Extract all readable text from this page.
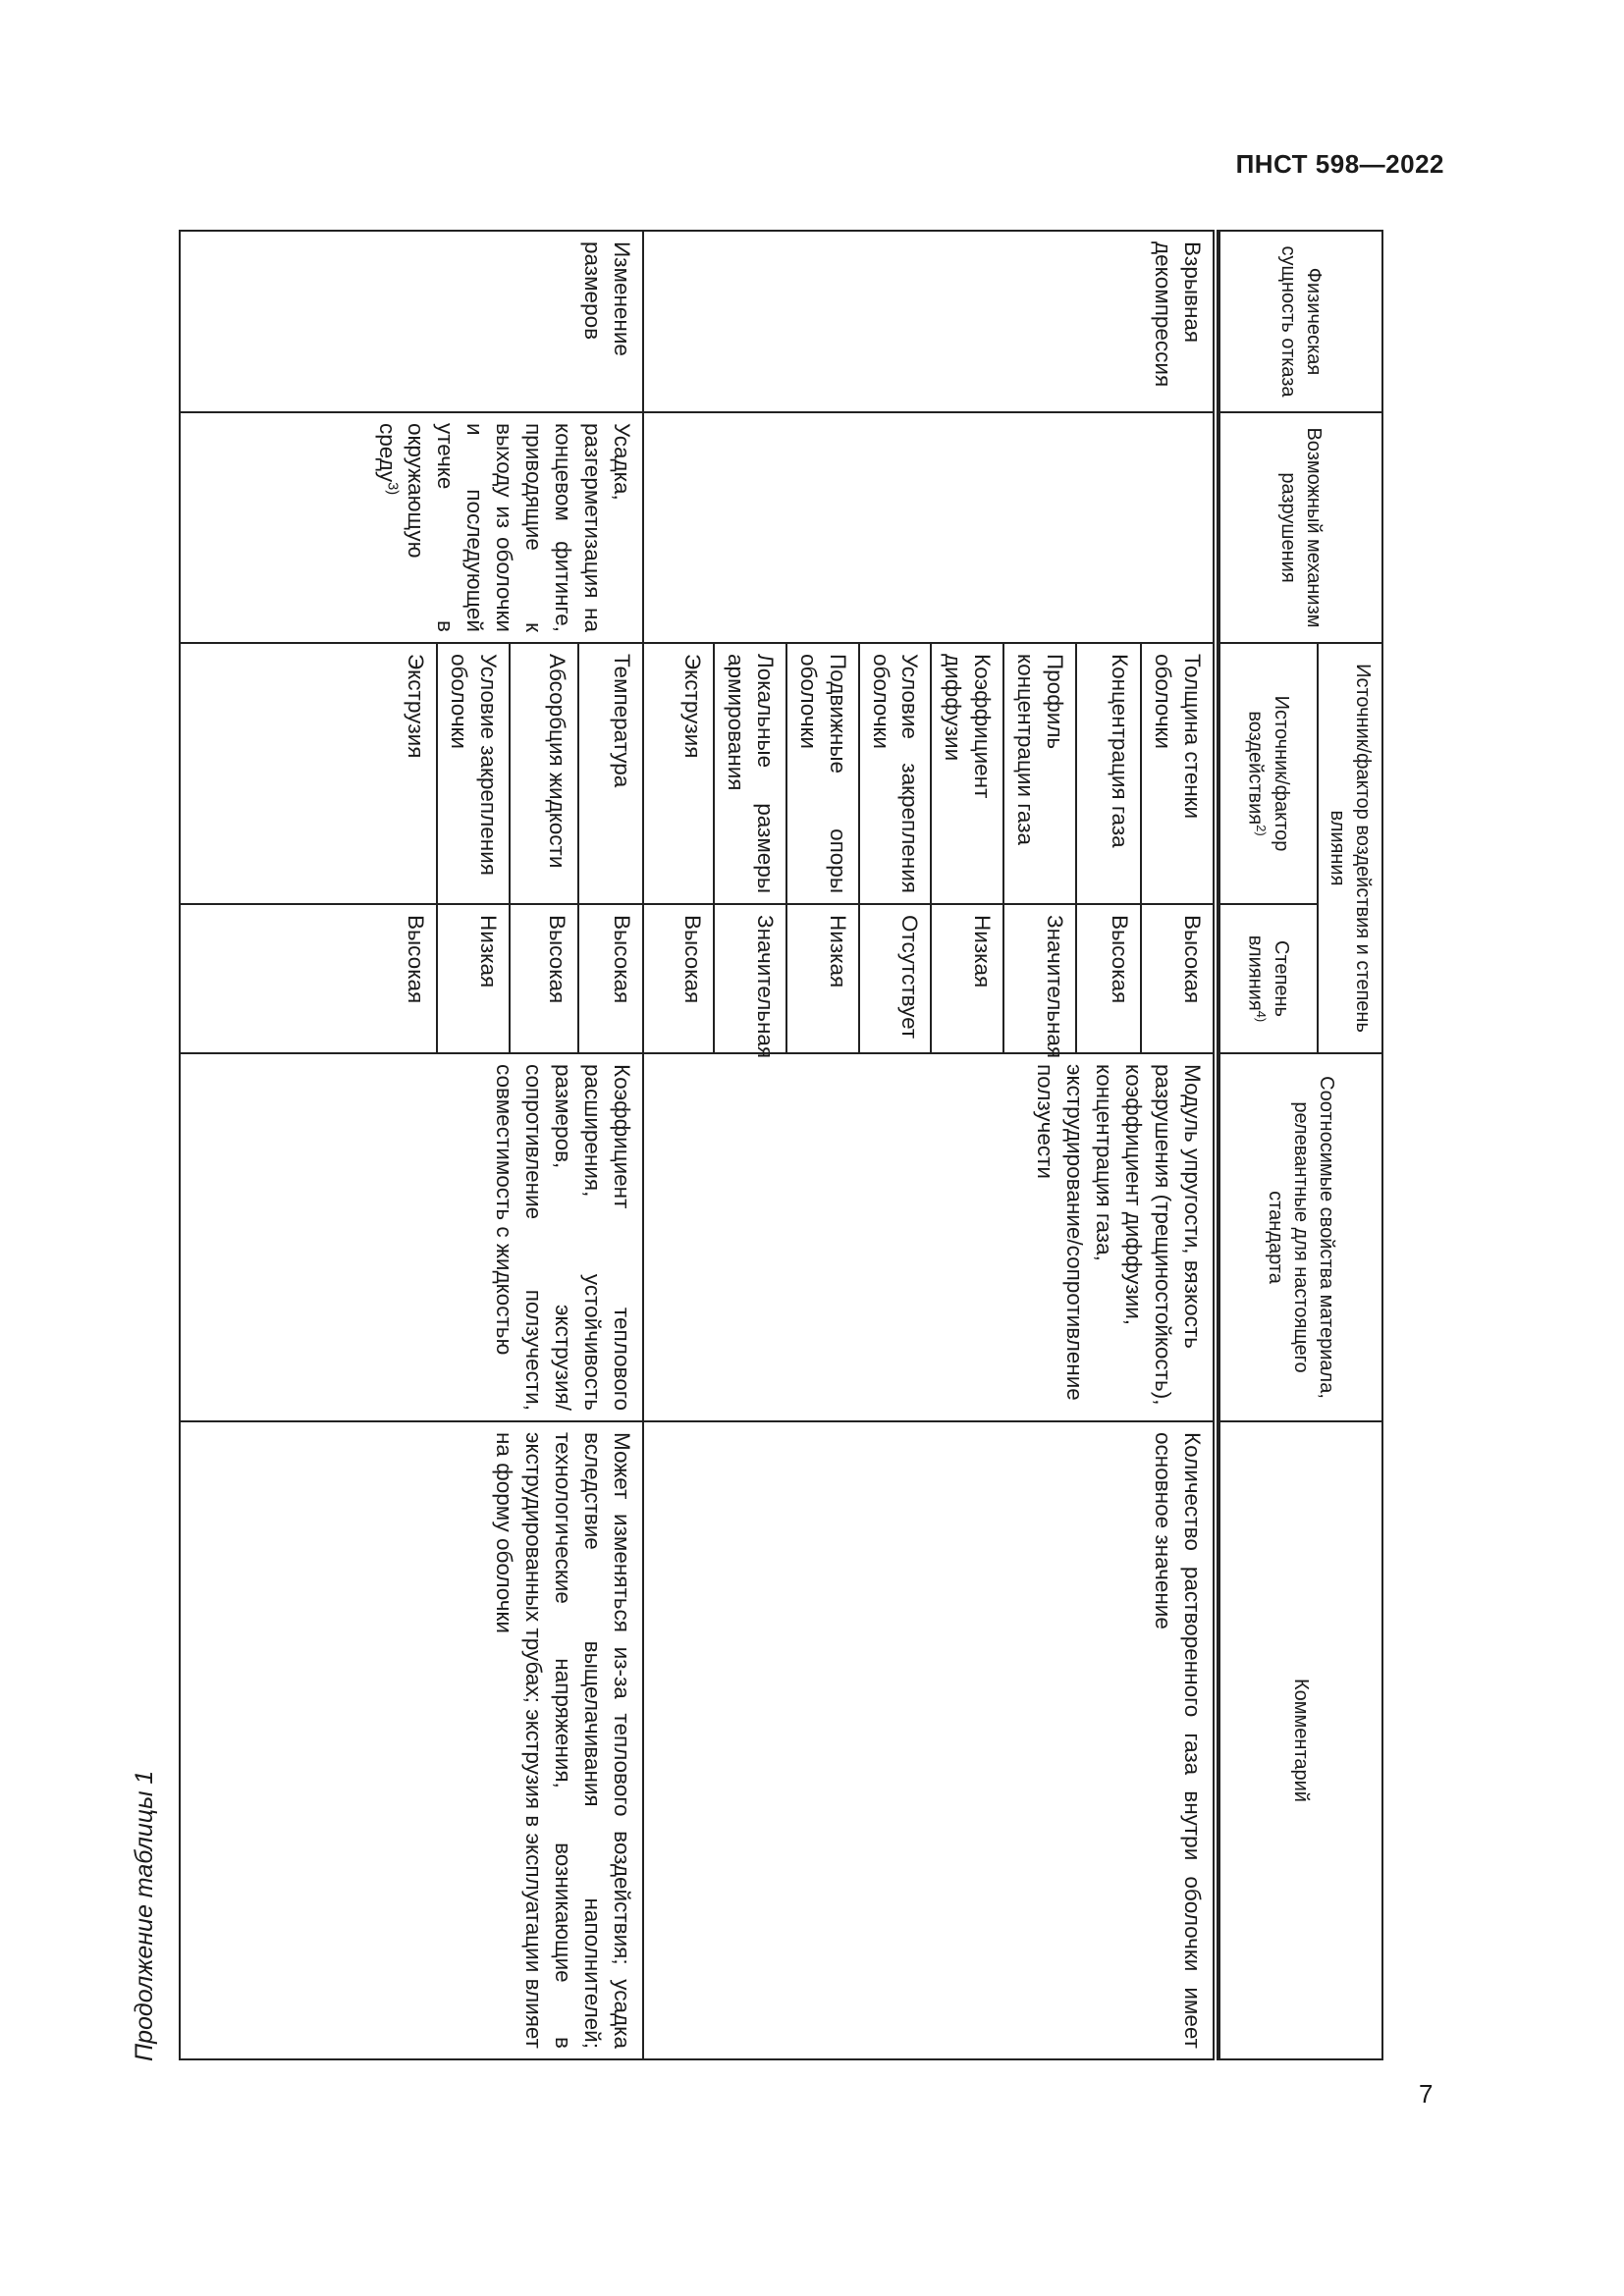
ПНСТ 598—2022
Продолжение таблицы 1
Физическая сущность отказа	Возможный механизм разрушения	Источник/фактор воздействия и степень влияния		Соотносимые свойства материала, релевантные для настоящего стандарта	Комментарий
		Источник/фактор воздействия$^{2)}$	Степень влияния$^{4)}$

Взрывная декомпрессия		Толщина стенки оболочки	Высокая	Модуль упругости, вязкость разрушения (трещиностойкость), коэффициент диффузии, концентрация газа, экструдирование/сопротивление ползучести	Количество растворенного газа внутри оболочки имеет основное значение
		Концентрация газа	Высокая		
		Профиль концентрации газа	Значительная		
		Коэффициент диффузии	Низкая		
		Условие закрепления оболочки	Отсутствует		
		Подвижные опоры оболочки	Низкая		
		Локальные размеры армирования	Значительная		
		Экструзия	Высокая		
Изменение размеров	Усадка, разгерметизация на концевом фитинге, приводящие к выходу из оболочки и последующей утечке в окружающую среду$^{3)}$	Температура	Высокая	Коэффициент теплового расширения, устойчивость размеров, экструзия/сопротивление ползучести, совместимость с жидкостью	Может изменяться из-за теплового воздействия; усадка вследствие выщелачивания наполнителей; технологические напряжения, возникающие в экструдированных трубах; экструзия в эксплуатации влияет на форму оболочки
		Абсорбция жидкости	Высокая		
		Условие закрепления оболочки	Низкая		
		Экструзия	Высокая		
7
